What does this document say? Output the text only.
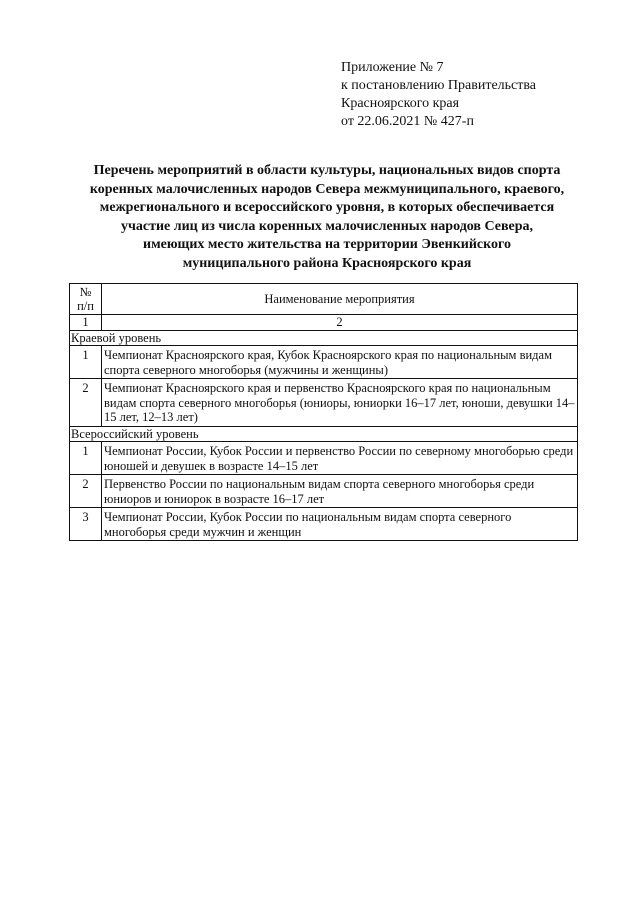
Приложение № 7
к постановлению Правительства
Красноярского края
от 22.06.2021 № 427-п
Перечень мероприятий в области культуры, национальных видов спорта
коренных малочисленных народов Севера межмуниципального, краевого,
межрегионального и всероссийского уровня, в которых обеспечивается
участие лиц из числа коренных малочисленных народов Севера,
имеющих место жительства на территории Эвенкийского
муниципального района Красноярского края
№
п/п	Наименование мероприятия
1	2
Краевой уровень	
1	Чемпионат Красноярского края, Кубок Красноярского края по национальным видам спорта северного многоборья (мужчины и женщины)
2	Чемпионат Красноярского края и первенство Красноярского края по национальным видам спорта северного многоборья (юниоры, юниорки 16–17 лет, юноши, девушки 14–15 лет, 12–13 лет)
Всероссийский уровень	
1	Чемпионат России, Кубок России и первенство России по северному многоборью среди юношей и девушек в возрасте 14–15 лет
2	Первенство России по национальным видам спорта северного многоборья среди юниоров и юниорок в возрасте 16–17 лет
3	Чемпионат России, Кубок России по национальным видам спорта северного многоборья среди мужчин и женщин
